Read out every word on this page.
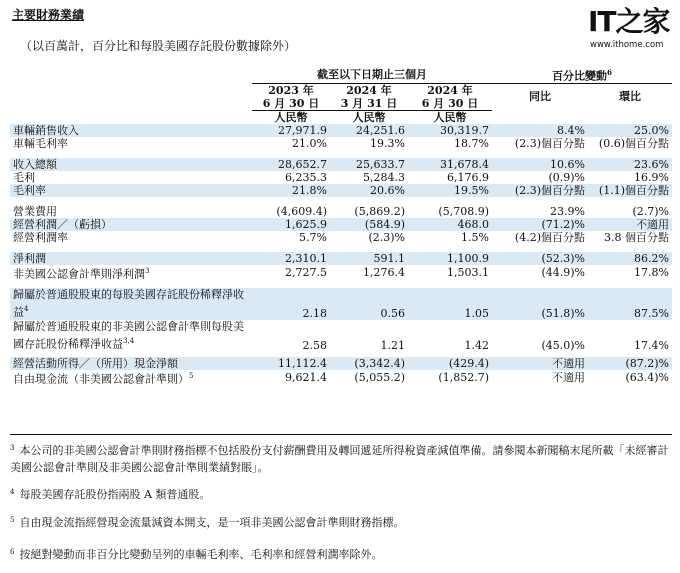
主要財務業績
（以百萬計，百分比和每股美國存託股份數據除外）
IT之家
www.ithome.com
	截至以下日期止三個月			百分比變動$^6$
	2023 年	2024 年	2024 年	同比	環比
	6 月 30 日	3 月 31 日	6 月 30 日		
	人民幣	人民幣	人民幣		
車輛銷售收入	27,971.9	24,251.6	30,319.7	8.4%	25.0%
車輛毛利率	21.0%	19.3%	18.7%	(2.3)個百分點	(0.6)個百分點

收入總額	28,652.7	25,633.7	31,678.4	10.6%	23.6%
毛利	6,235.3	5,284.3	6,176.9	(0.9)%	16.9%
毛利率	21.8%	20.6%	19.5%	(2.3)個百分點	(1.1)個百分點

營業費用	(4,609.4)	(5,869.2)	(5,708.9)	23.9%	(2.7)%
經營利潤／（虧損）	1,625.9	(584.9)	468.0	(71.2)%	不適用
經營利潤率	5.7%	(2.3)%	1.5%	(4.2)個百分點	3.8 個百分點

淨利潤	2,310.1	591.1	1,100.9	(52.3)%	86.2%
非美國公認會計準則淨利潤$^3$	2,727.5	1,276.4	1,503.1	(44.9)%	17.8%

歸屬於普通股股東的每股美國存託股份稀釋淨收益$^4$	2.18	0.56	1.05	(51.8)%	87.5%
歸屬於普通股股東的非美國公認會計準則每股美國存託股份稀釋淨收益$^{3,4}$	2.58	1.21	1.42	(45.0)%	17.4%

經營活動所得／（所用）現金淨額	11,112.4	(3,342.4)	(429.4)	不適用	(87.2)%
自由現金流（非美國公認會計準則）$^5$	9,621.4	(5,055.2)	(1,852.7)	不適用	(63.4)%
$^3$ 本公司的非美國公認會計準則財務指標不包括股份支付薪酬費用及轉回遞延所得稅資產減值準備。請參閱本新聞稿末尾所載「未經審計美國公認會計準則及非美國公認會計準則業績對賬」。
$^4$ 每股美國存託股份指兩股 A 類普通股。
$^5$ 自由現金流指經營現金流量減資本開支，是一項非美國公認會計準則財務指標。
$^6$ 按絕對變動而非百分比變動呈列的車輛毛利率、毛利率和經營利潤率除外。
